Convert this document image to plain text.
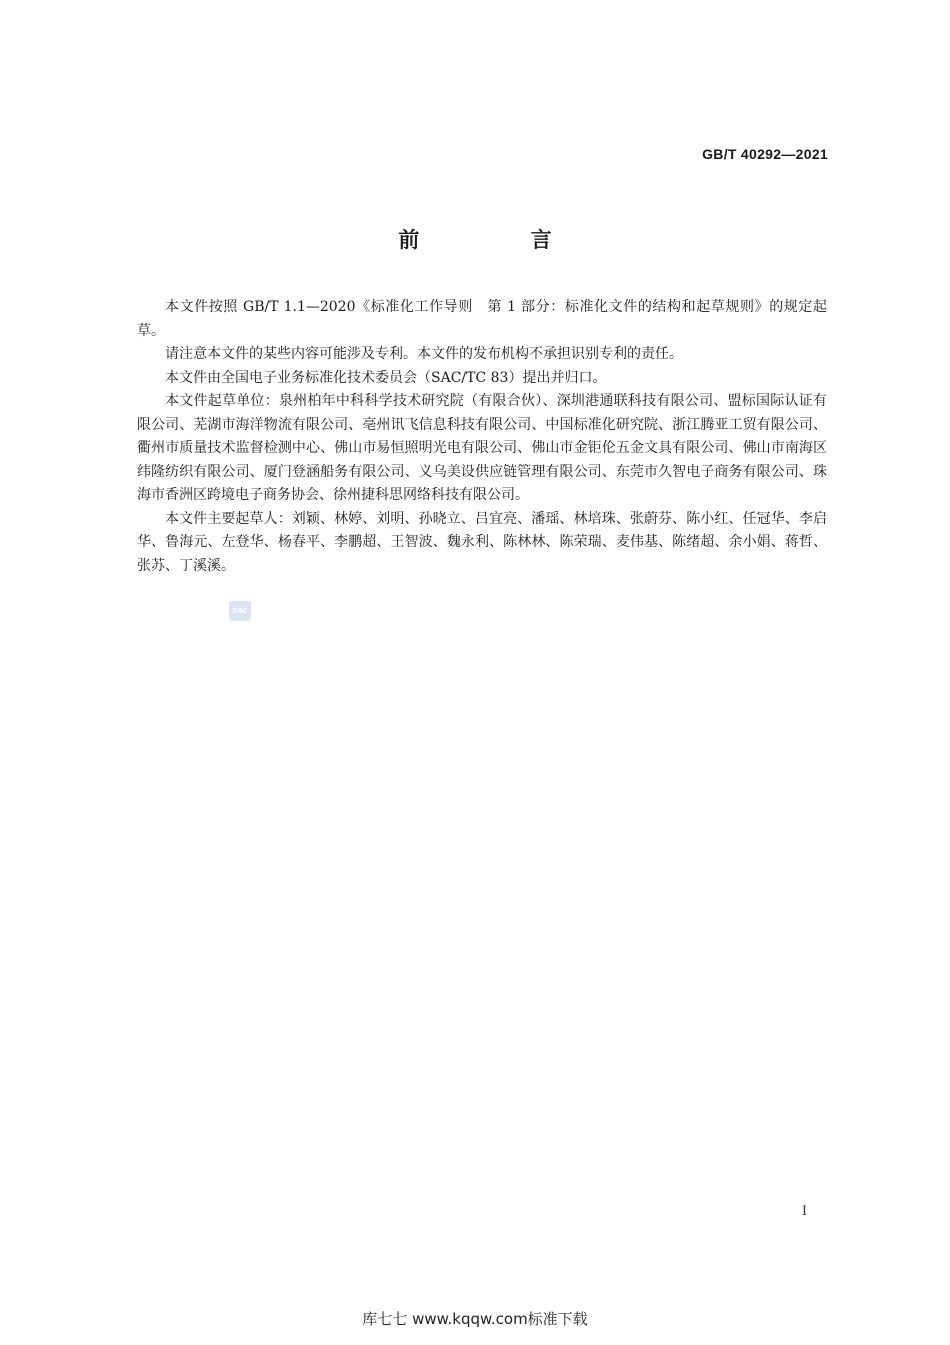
GB/T 40292—2021
前 言

本文件按照 GB/T 1.1—2020《标准化工作导则　第 1 部分：标准化文件的结构和起草规则》的规定起草。

请注意本文件的某些内容可能涉及专利。本文件的发布机构不承担识别专利的责任。

本文件由全国电子业务标准化技术委员会（SAC/TC 83）提出并归口。

本文件起草单位：泉州柏年中科科学技术研究院（有限合伙）、深圳港通联科技有限公司、盟标国际认证有限公司、芜湖市海洋物流有限公司、亳州讯飞信息科技有限公司、中国标准化研究院、浙江腾亚工贸有限公司、衢州市质量技术监督检测中心、佛山市易恒照明光电有限公司、佛山市金钜伦五金文具有限公司、佛山市南海区纬隆纺织有限公司、厦门登涵船务有限公司、义乌美设供应链管理有限公司、东莞市久智电子商务有限公司、珠海市香洲区跨境电子商务协会、徐州捷科思网络科技有限公司。

本文件主要起草人：刘颖、林婷、刘明、孙晓立、吕宜亮、潘瑶、林培珠、张蔚芬、陈小红、任冠华、李启华、鲁海元、左登华、杨春平、李鹏超、王智波、魏永利、陈林林、陈荣瑞、麦伟基、陈绪超、余小娟、蒋哲、张苏、丁溪溪。

SAC
I
库七七 www.kqqw.com标准下载
